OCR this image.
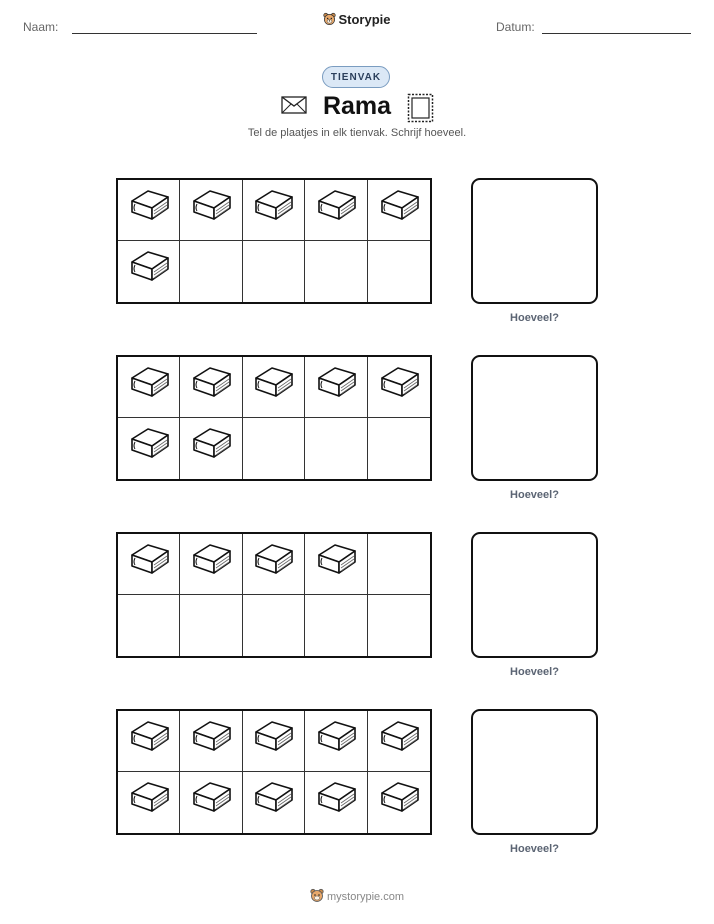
Naam:	Storypie	Datum:
TIENVAK
Rama
Tel de plaatjes in elk tienvak. Schrijf hoeveel.
Hoeveel?
Hoeveel?
Hoeveel?
Hoeveel?
mystorypie.com
